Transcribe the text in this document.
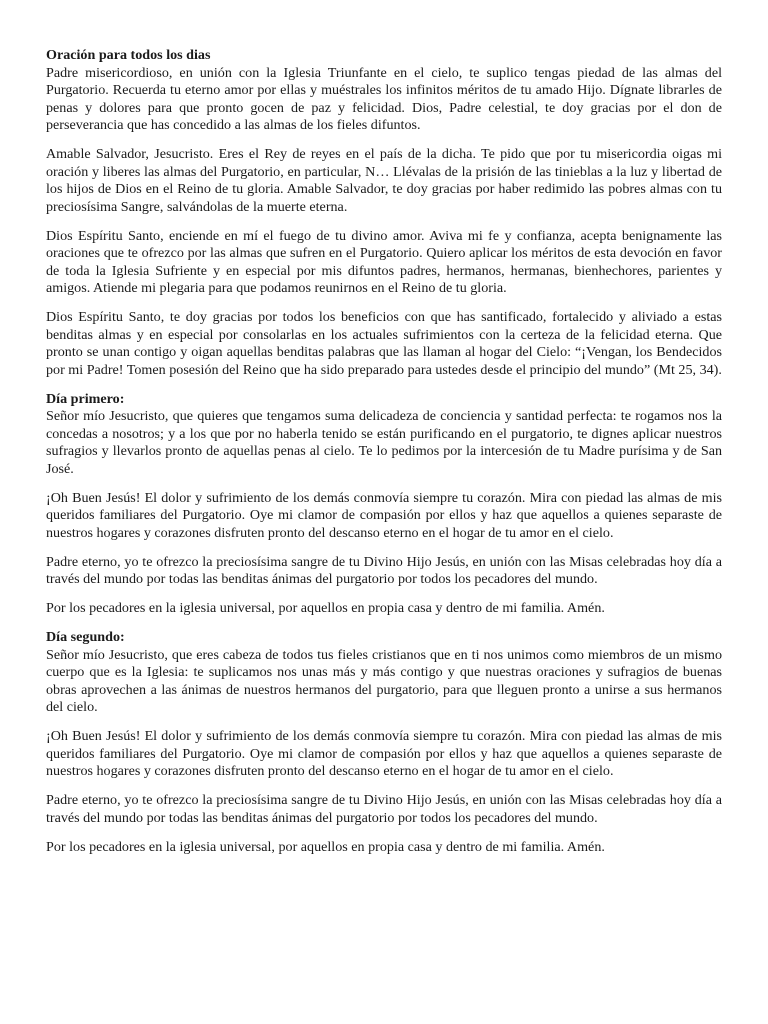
Oración para todos los dias
Padre misericordioso, en unión con la Iglesia Triunfante en el cielo, te suplico tengas piedad de las almas del Purgatorio. Recuerda tu eterno amor por ellas y muéstrales los infinitos méritos de tu amado Hijo. Dígnate librarles de penas y dolores para que pronto gocen de paz y felicidad. Dios, Padre celestial, te doy gracias por el don de perseverancia que has concedido a las almas de los fieles difuntos.

Amable Salvador, Jesucristo. Eres el Rey de reyes en el país de la dicha. Te pido que por tu misericordia oigas mi oración y liberes las almas del Purgatorio, en particular, N… Llévalas de la prisión de las tinieblas a la luz y libertad de los hijos de Dios en el Reino de tu gloria. Amable Salvador, te doy gracias por haber redimido las pobres almas con tu preciosísima Sangre, salvándolas de la muerte eterna.

Dios Espíritu Santo, enciende en mí el fuego de tu divino amor. Aviva mi fe y confianza, acepta benignamente las oraciones que te ofrezco por las almas que sufren en el Purgatorio. Quiero aplicar los méritos de esta devoción en favor de toda la Iglesia Sufriente y en especial por mis difuntos padres, hermanos, hermanas, bienhechores, parientes y amigos. Atiende mi plegaria para que podamos reunirnos en el Reino de tu gloria.

Dios Espíritu Santo, te doy gracias por todos los beneficios con que has santificado, fortalecido y aliviado a estas benditas almas y en especial por consolarlas en los actuales sufrimientos con la certeza de la felicidad eterna. Que pronto se unan contigo y oigan aquellas benditas palabras que las llaman al hogar del Cielo: “¡Vengan, los Bendecidos por mi Padre! Tomen posesión del Reino que ha sido preparado para ustedes desde el principio del mundo” (Mt 25, 34).

Día primero:
Señor mío Jesucristo, que quieres que tengamos suma delicadeza de conciencia y santidad perfecta: te rogamos nos la concedas a nosotros; y a los que por no haberla tenido se están purificando en el purgatorio, te dignes aplicar nuestros sufragios y llevarlos pronto de aquellas penas al cielo. Te lo pedimos por la intercesión de tu Madre purísima y de San José.

¡Oh Buen Jesús! El dolor y sufrimiento de los demás conmovía siempre tu corazón. Mira con piedad las almas de mis queridos familiares del Purgatorio. Oye mi clamor de compasión por ellos y haz que aquellos a quienes separaste de nuestros hogares y corazones disfruten pronto del descanso eterno en el hogar de tu amor en el cielo.

Padre eterno, yo te ofrezco la preciosísima sangre de tu Divino Hijo Jesús, en unión con las Misas celebradas hoy día a través del mundo por todas las benditas ánimas del purgatorio por todos los pecadores del mundo.

Por los pecadores en la iglesia universal, por aquellos en propia casa y dentro de mi familia. Amén.

Día segundo:
Señor mío Jesucristo, que eres cabeza de todos tus fieles cristianos que en ti nos unimos como miembros de un mismo cuerpo que es la Iglesia: te suplicamos nos unas más y más contigo y que nuestras oraciones y sufragios de buenas obras aprovechen a las ánimas de nuestros hermanos del purgatorio, para que lleguen pronto a unirse a sus hermanos del cielo.

¡Oh Buen Jesús! El dolor y sufrimiento de los demás conmovía siempre tu corazón. Mira con piedad las almas de mis queridos familiares del Purgatorio. Oye mi clamor de compasión por ellos y haz que aquellos a quienes separaste de nuestros hogares y corazones disfruten pronto del descanso eterno en el hogar de tu amor en el cielo.

Padre eterno, yo te ofrezco la preciosísima sangre de tu Divino Hijo Jesús, en unión con las Misas celebradas hoy día a través del mundo por todas las benditas ánimas del purgatorio por todos los pecadores del mundo.

Por los pecadores en la iglesia universal, por aquellos en propia casa y dentro de mi familia. Amén.
